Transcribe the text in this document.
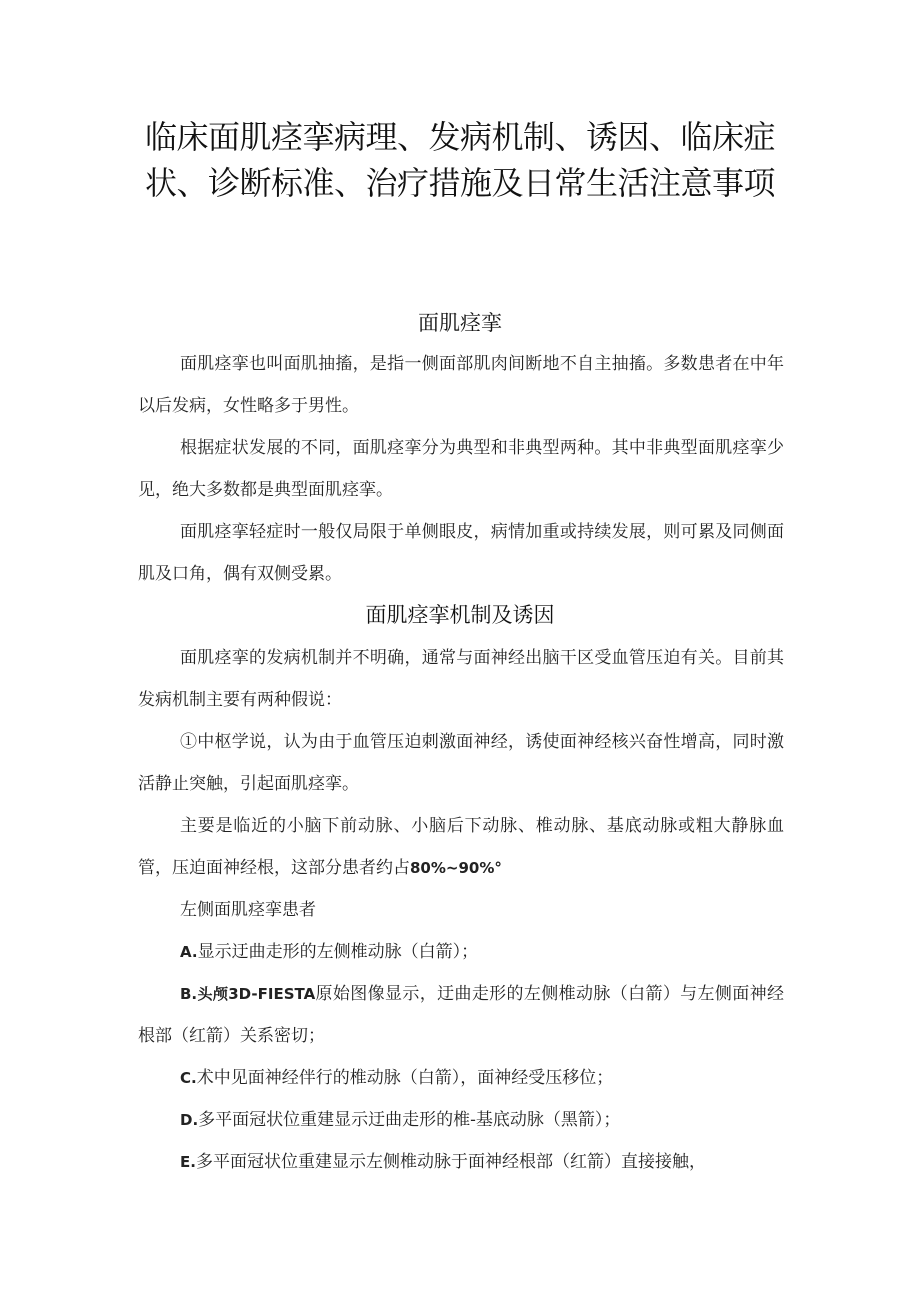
临床面肌痉挛病理、发病机制、诱因、临床症状、诊断标准、治疗措施及日常生活注意事项
面肌痉挛

面肌痉挛也叫面肌抽搐，是指一侧面部肌肉间断地不自主抽搐。多数患者在中年以后发病，女性略多于男性。

根据症状发展的不同，面肌痉挛分为典型和非典型两种。其中非典型面肌痉挛少见，绝大多数都是典型面肌痉挛。

面肌痉挛轻症时一般仅局限于单侧眼皮，病情加重或持续发展，则可累及同侧面肌及口角，偶有双侧受累。

面肌痉挛机制及诱因

面肌痉挛的发病机制并不明确，通常与面神经出脑干区受血管压迫有关。目前其发病机制主要有两种假说：

①中枢学说，认为由于血管压迫刺激面神经，诱使面神经核兴奋性增高，同时激活静止突触，引起面肌痉挛。

主要是临近的小脑下前动脉、小脑后下动脉、椎动脉、基底动脉或粗大静脉血管，压迫面神经根，这部分患者约占80%~90%°

左侧面肌痉挛患者

A.显示迂曲走形的左侧椎动脉（白箭）；

B.头颅3D-FIESTA原始图像显示，迂曲走形的左侧椎动脉（白箭）与左侧面神经根部（红箭）关系密切；

C.术中见面神经伴行的椎动脉（白箭），面神经受压移位；

D.多平面冠状位重建显示迂曲走形的椎-基底动脉（黑箭）；

E.多平面冠状位重建显示左侧椎动脉于面神经根部（红箭）直接接触，
